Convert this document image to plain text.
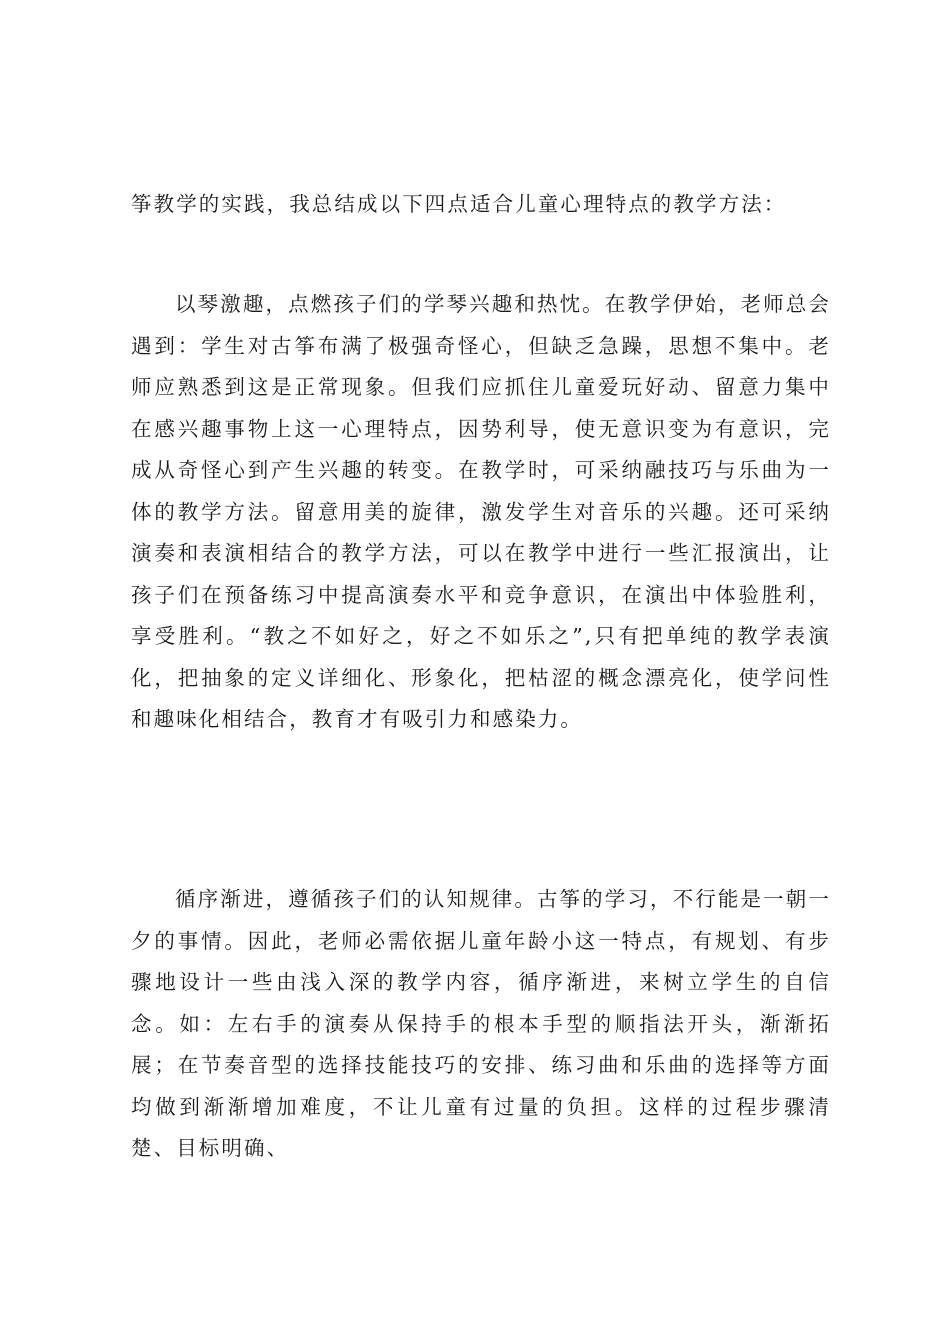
筝教学的实践，我总结成以下四点适合儿童心理特点的教学方法：

以琴激趣，点燃孩子们的学琴兴趣和热忱。在教学伊始，老师总会遇到：学生对古筝布满了极强奇怪心，但缺乏急躁，思想不集中。老师应熟悉到这是正常现象。但我们应抓住儿童爱玩好动、留意力集中在感兴趣事物上这一心理特点，因势利导，使无意识变为有意识，完成从奇怪心到产生兴趣的转变。在教学时，可采纳融技巧与乐曲为一体的教学方法。留意用美的旋律，激发学生对音乐的兴趣。还可采纳演奏和表演相结合的教学方法，可以在教学中进行一些汇报演出，让孩子们在预备练习中提高演奏水平和竞争意识，在演出中体验胜利，享受胜利。“教之不如好之，好之不如乐之”,只有把单纯的教学表演化，把抽象的定义详细化、形象化，把枯涩的概念漂亮化，使学问性和趣味化相结合，教育才有吸引力和感染力。

循序渐进，遵循孩子们的认知规律。古筝的学习，不行能是一朝一夕的事情。因此，老师必需依据儿童年龄小这一特点，有规划、有步骤地设计一些由浅入深的教学内容，循序渐进，来树立学生的自信念。如：左右手的演奏从保持手的根本手型的顺指法开头，渐渐拓展；在节奏音型的选择技能技巧的安排、练习曲和乐曲的选择等方面均做到渐渐增加难度，不让儿童有过量的负担。这样的过程步骤清楚、目标明确、
